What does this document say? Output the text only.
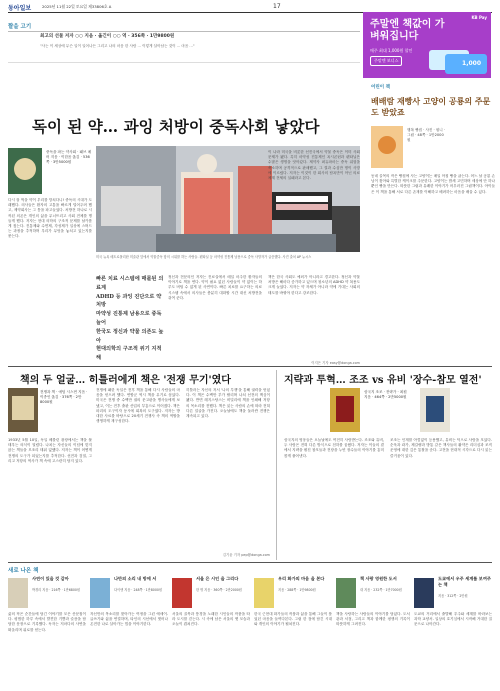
동아일보	2025년 11월 22일 토요일 제33806호 A	17
KB Pay
주말엔 책값이 가벼워집니다
매주 최대 1,000원 할인
주말엔 보너스	1,000
짤을 고기
최고의 선물 저자 ○○ 지음 · 옮긴이 ○○ 역 · 356쪽 · 1만9800원
"사는 이 세상에 무슨 일이 일어나든 그리고 나의 마음 한 사람 ... 이렇게 살아남는 것이 ... 마음 ..."
독이 된 약… 과잉 처방이 중독사회 낳았다
중독을 파는 약사회 · 패브 메어 지음 · 이한음 옮김 · 536쪽 · 3만5000원
다시 잘 먹을 약이 우리를 망치다니! 중독의 시대가 도래했다. 의사들은 환자의 고통을 빠르게 덜어주려 했고, 제약회사는 그 틈을 파고들었다. 처방전 하나로 시작된 의존은 개인의 삶을 무너뜨리고 사회 전체를 병들게 했다. 저자는 현대 의학의 구조적 문제를 날카롭게 짚는다. 진통제와 수면제, 각성제가 일상에 스며드는 과정을 추적하며 우리가 무엇을 놓치고 있는지를 묻는다.
미국 뉴욕 메트로폴리탄 미술관 앞에서 약물중독 항의 시위를 하는 사람들. 펜타닐 등 마약성 진통제 남용으로 중독 사망자가 급증했다. 사진 출처 AP 뉴시스
빠른 치료 시스템에 매몰된 의료계
ADHD 등 과잉 진단으로 약 처방
마약성 진통제 남용으로 중독 늘어
한국도 정신과 약물 의존도 높아
현대의학의 구조적 위기 지적해
정신과 전문의인 저자는 진료실에서 매일 마주한 환자들의 이야기로 책을 연다. 약이 필요 없던 사람들이 약 없이는 하루도 버틸 수 없게 된 사연이다. 빠른 치료를 요구하는 의료 시스템 속에서 의사들은 충분히 대화할 시간 대신 처방전을 쥐여 준다.
책은 한국 사회도 예외가 아니라고 경고한다. 정신과 약물 처방은 해마다 증가하고 있으며 청소년의 ADHD 약 복용도 크게 늘었다. 저자는 약 자체가 아니라 약에 기대는 사회의 태도를 바꿔야 한다고 강조한다.
이지은 기자 easy@donga.com
이 나라 미국을 비롯한 선진국에서 약물 중독은 이미 사회 문제가 됐다. 특히 마약성 진통제인 옥시콘틴과 펜타닐은 수많은 생명을 앗아갔다. 제약사 퍼듀파마는 중독 위험을 축소하며 공격적으로 판매했고, 그 결과 수십만 명이 사망에 이르렀다. 저자는 이것이 한 회사의 탐욕만이 아닌 의료 체계 전체의 실패라고 본다.
어린이 책
배배람 재빵사 고양이 공룡의 주문도 받았죠
행복 빵집 · 사진 · 원니 · 그림 · 48쪽 · 1만2000원
동네 골목의 작은 빵집에 사는 고양이는 매일 아침 빵을 굽는다. 어느 날 공룡 손님이 찾아와 특별한 케이크를 주문한다. 고양이는 밤새 고민하며 세상에 단 하나뿐인 빵을 만든다. 따뜻한 그림과 유쾌한 이야기가 어우러진 그림책이다. 아이들은 이 책을 통해 서로 다른 존재를 이해하고 배려하는 마음을 배울 수 있다.
책의 두 얼굴… 히틀러에게 책은 '전쟁 무기'였다
전쟁과 책 · 애덤 시스먼 지음 · 이종인 옮김 · 376쪽 · 2만8000원
1933년 5월 10일, 독일 베를린 광장에서는 책을 불태우는 의식이 열렸다. 나치는 자신들의 이념에 맞지 않는 책들을 모조리 태워 없앴다. 저자는 책이 어떻게 전쟁의 도구가 되었는지를 추적한다. 선전과 검열, 그리고 저항의 역사가 책 속에 고스란히 담겨 있다.
전쟁에 패한 독일은 전후 책을 통해 다시 사람들의 마음을 얻으려 했다. 연합군 역시 책을 무기로 삼았다. 미국은 전쟁 중 수백만 권의 문고판을 병사들에게 보냈고, 이는 전후 출판 산업의 부흥으로 이어졌다. 책은 파괴의 도구이자 동시에 회복의 도구였다. 저자는 방대한 사료를 바탕으로 20세기 전쟁사 속 책의 역할을 생생하게 재구성한다.
히틀러는 자신의 저서 '나의 투쟁'을 통해 권력을 얻었다. 이 책은 수백만 부가 팔리며 나치 선전의 핵심이 됐다. 반면 레지스탕스는 비밀리에 책을 인쇄해 저항의 목소리를 전했다. 책은 읽는 사람의 손에 따라 전혀 다른 얼굴을 가진다. 오늘날에도 책을 둘러싼 전쟁은 계속되고 있다.
김기윤 기자 pep@donga.com
지략과 투혁… 조조 vs 유비 '장수-참모 열전'
삼국지 조조 · 전략가 · 최원 지음 · 464쪽 · 2만5000원
삼국지의 영웅들은 오늘날에도 여전히 사랑받는다. 조조와 유비, 두 사람은 전혀 다른 방식으로 천하를 꿈꿨다. 저자는 이들의 곁에서 지략을 펼친 참모들과 전장을 누빈 장수들의 이야기를 흥미롭게 풀어낸다.
조조는 인재를 아낌없이 등용했고, 유비는 덕으로 사람을 모았다. 순욱과 곽가, 제갈량과 방통 같은 책사들의 활약은 리더십과 조직 운영에 대한 깊은 통찰을 준다. 고전을 현대적 시각으로 다시 읽는 즐거움이 있다.
새로 나온 책
사연이 있을 것 같아
박경리 지음 · 216쪽 · 1만6800원
삶의 작은 순간들에 담긴 이야기를 모은 산문집이다. 평범한 하루 속에서 발견한 기쁨과 슬픔을 담담한 문장으로 기록했다. 독자는 저마다의 사연을 떠올리며 위로를 얻는다.
나만의 소리 내 방에 서
다이앤 지음 · 248쪽 · 1만8000원
자신만의 목소리를 찾아가는 여정을 그린 에세이. 글쓰기와 삶을 연결하며, 타인의 시선에서 벗어나 온전한 나로 살아가는 법을 이야기한다.
서울 은 시인 을 그리다
한 명 지음 · 360쪽 · 2만2000원
서울의 골목과 풍경을 노래한 시인들의 작품을 따라 도시를 걷는다. 시 속에 남은 서울의 옛 모습과 오늘이 겹쳐진다.
우리 화가의 마음 을 본다
지음 · 288쪽 · 1만9800원
한국 근현대 화가들의 작품과 삶을 통해 그들이 품었던 마음을 들여다본다. 그림 한 점에 담긴 시대와 개인의 이야기가 펼쳐진다.
책 사랑 영원한 도서
대 지음 · 232쪽 · 1만7000원
책을 사랑하는 사람들의 이야기를 담았다. 도서관과 서점, 그리고 책과 함께한 평생의 기록이 따뜻하게 그려진다.
도쿄에서 우주 세계를 보여주는 책
지음 · 312쪽 · 2만원
도쿄의 거리에서 출발해 우주와 세계를 바라보는 과학 교양서. 일상의 호기심에서 시작해 거대한 질문으로 나아간다.
